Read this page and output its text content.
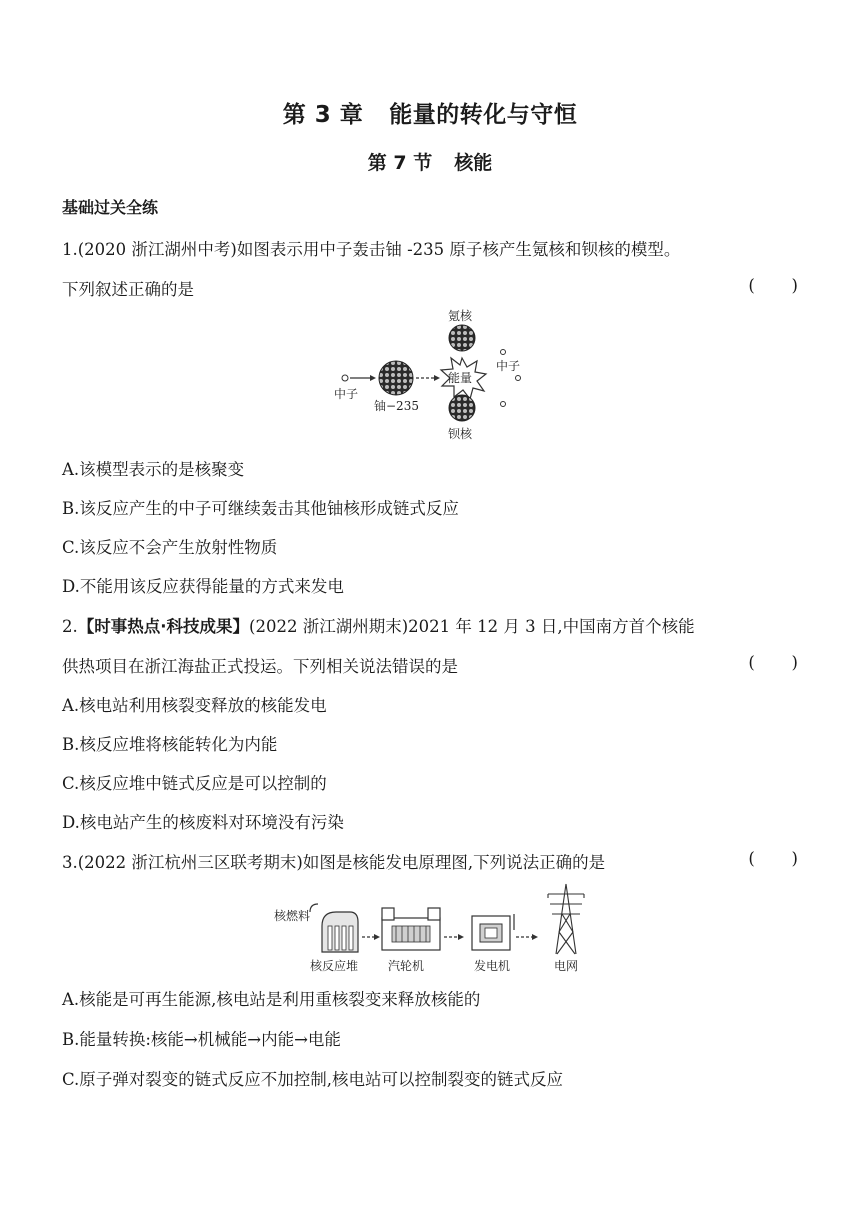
第 3 章 能量的转化与守恒
第 7 节 核能
基础过关全练
1.(2020 浙江湖州中考)如图表示用中子轰击铀 -235 原子核产生氪核和钡核的模型。
下列叙述正确的是	(       )
中子
铀−235
能量
氪核
钡核
中子
A.该模型表示的是核聚变
B.该反应产生的中子可继续轰击其他铀核形成链式反应
C.该反应不会产生放射性物质
D.不能用该反应获得能量的方式来发电
2.【时事热点·科技成果】(2022 浙江湖州期末)2021 年 12 月 3 日,中国南方首个核能
供热项目在浙江海盐正式投运。下列相关说法错误的是	(       )
A.核电站利用核裂变释放的核能发电
B.核反应堆将核能转化为内能
C.核反应堆中链式反应是可以控制的
D.核电站产生的核废料对环境没有污染
3.(2022 浙江杭州三区联考期末)如图是核能发电原理图,下列说法正确的是	(       )
核燃料
核反应堆 汽轮机	发电机	电网
A.核能是可再生能源,核电站是利用重核裂变来释放核能的
B.能量转换:核能→机械能→内能→电能
C.原子弹对裂变的链式反应不加控制,核电站可以控制裂变的链式反应
